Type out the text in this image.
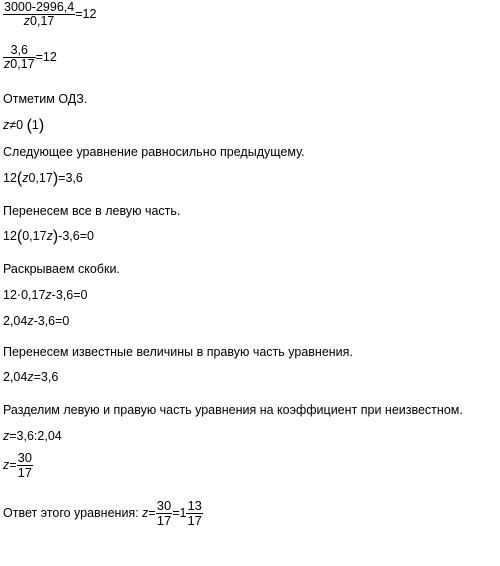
$\frac{3000-2996,4}{z0,17} =12$
$\frac{3,6}{z0,17} =12$
Отметим ОДЗ.
z≠0 (1)
Следующее уравнение равносильно предыдущему.
12(z0,17)=3,6
Перенесем все в левую часть.
12(0,17z)-3,6=0
Раскрываем скобки.
12·0,17z-3,6=0
2,04z-3,6=0
Перенесем известные величины в правую часть уравнения.
2,04z=3,6
Разделим левую и правую часть уравнения на коэффициент при неизвестном.
z=3,6:2,04
$z= \frac{30}{17}$
Ответ этого уравнения: $z= \frac{30}{17} =1 \frac{13}{17}$
